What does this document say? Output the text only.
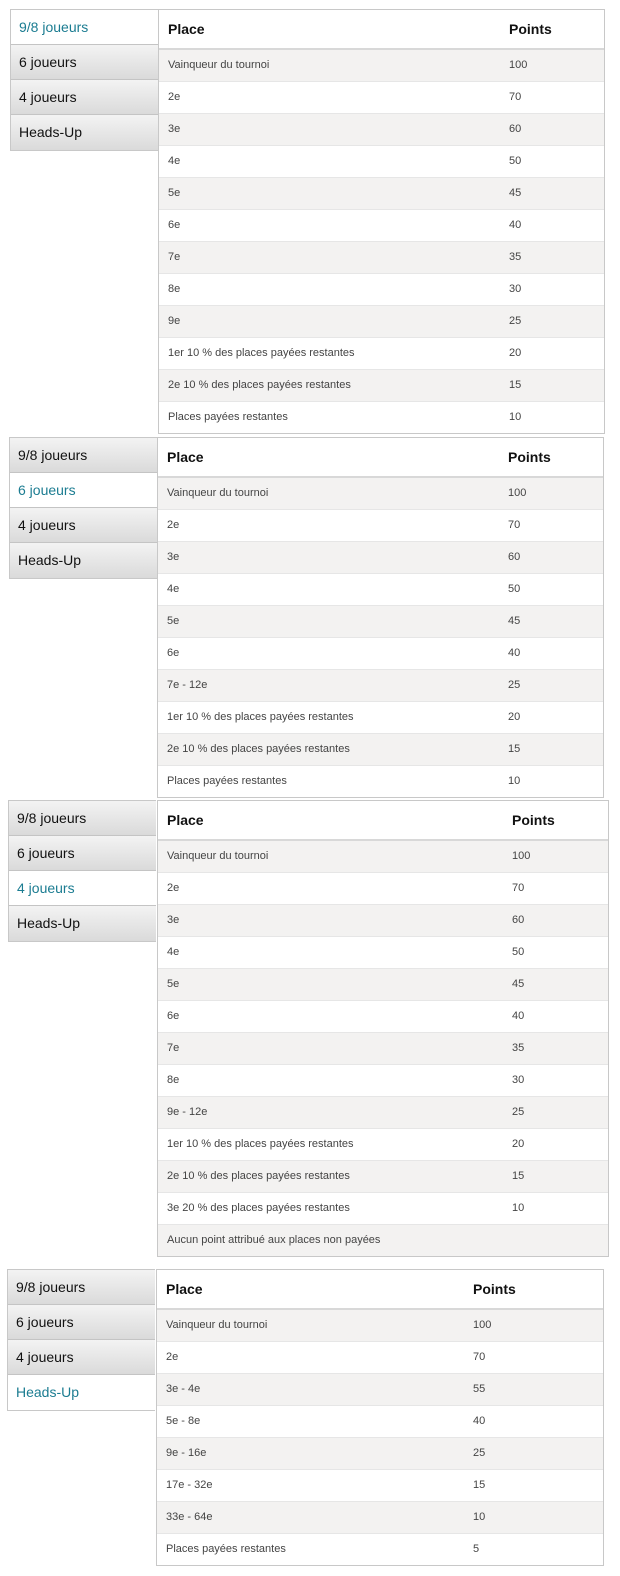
9/8 joueurs
6 joueurs
4 joueurs
Heads-Up
Place	Points
Vainqueur du tournoi	100
2e	70
3e	60
4e	50
5e	45
6e	40
7e	35
8e	30
9e	25
1er 10 % des places payées restantes	20
2e 10 % des places payées restantes	15
Places payées restantes	10
9/8 joueurs
6 joueurs
4 joueurs
Heads-Up
Place	Points
Vainqueur du tournoi	100
2e	70
3e	60
4e	50
5e	45
6e	40
7e - 12e	25
1er 10 % des places payées restantes	20
2e 10 % des places payées restantes	15
Places payées restantes	10
9/8 joueurs
6 joueurs
4 joueurs
Heads-Up
Place	Points
Vainqueur du tournoi	100
2e	70
3e	60
4e	50
5e	45
6e	40
7e	35
8e	30
9e - 12e	25
1er 10 % des places payées restantes	20
2e 10 % des places payées restantes	15
3e 20 % des places payées restantes	10
Aucun point attribué aux places non payées
9/8 joueurs
6 joueurs
4 joueurs
Heads-Up
Place	Points
Vainqueur du tournoi	100
2e	70
3e - 4e	55
5e - 8e	40
9e - 16e	25
17e - 32e	15
33e - 64e	10
Places payées restantes	5
